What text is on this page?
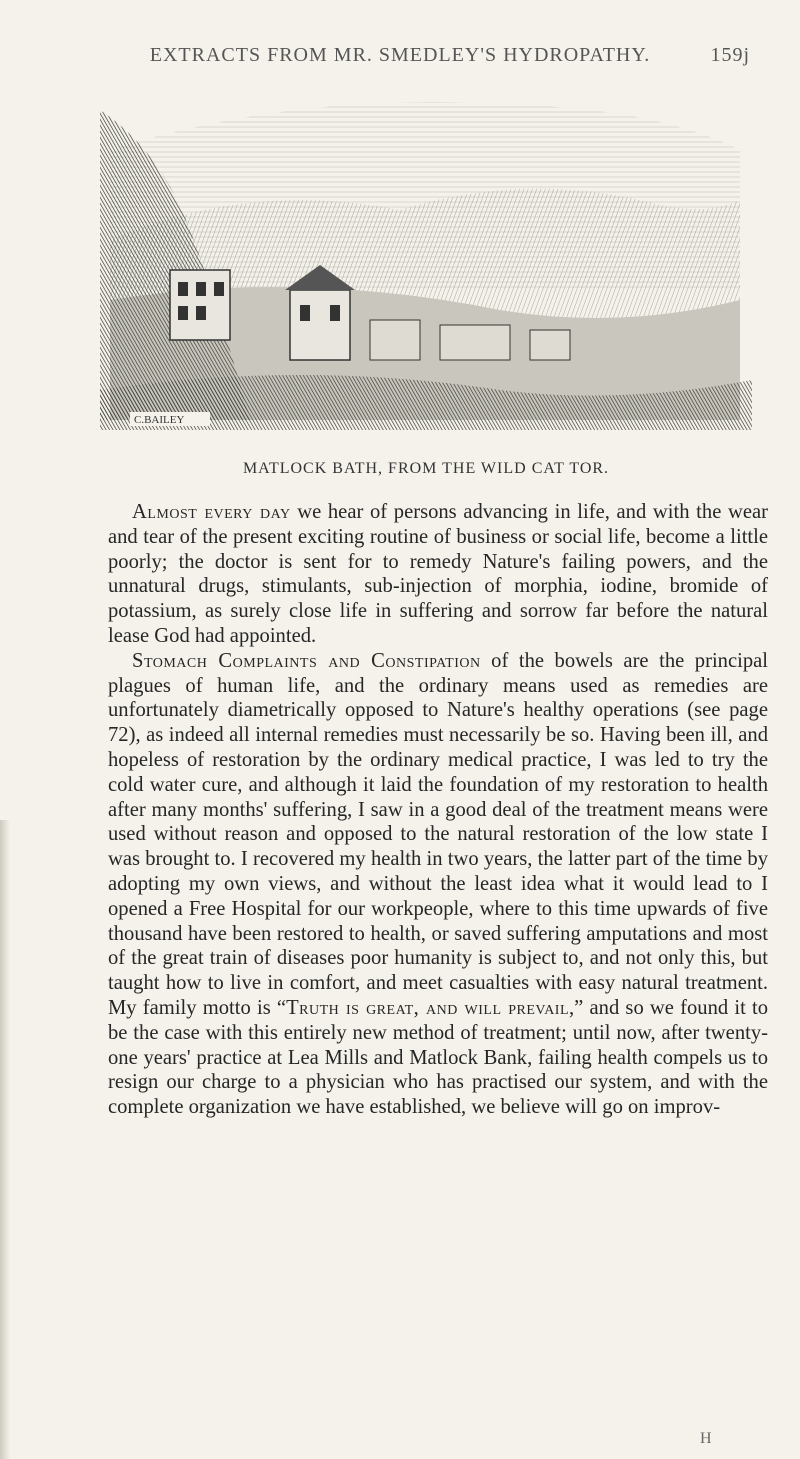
EXTRACTS FROM MR. SMEDLEY'S HYDROPATHY.	159j
C.BAILEY
MATLOCK BATH, FROM THE WILD CAT TOR.

Almost every day we hear of persons advancing in life, and with the wear and tear of the present exciting routine of business or social life, become a little poorly; the doctor is sent for to remedy Nature's failing powers, and the unnatural drugs, stimulants, sub-injection of morphia, iodine, bromide of potassium, as surely close life in suffering and sorrow far before the natural lease God had appointed.

Stomach Complaints and Constipation of the bowels are the principal plagues of human life, and the ordinary means used as remedies are unfortunately diametrically opposed to Nature's healthy operations (see page 72), as indeed all internal remedies must necessarily be so. Having been ill, and hopeless of restoration by the ordinary medical practice, I was led to try the cold water cure, and although it laid the foundation of my restoration to health after many months' suffering, I saw in a good deal of the treatment means were used without reason and opposed to the natural restoration of the low state I was brought to. I recovered my health in two years, the latter part of the time by adopting my own views, and without the least idea what it would lead to I opened a Free Hospital for our workpeople, where to this time upwards of five thousand have been restored to health, or saved suffering amputations and most of the great train of diseases poor humanity is subject to, and not only this, but taught how to live in comfort, and meet casualties with easy natural treatment. My family motto is “Truth is great, and will prevail,” and so we found it to be the case with this entirely new method of treatment; until now, after twenty-one years' practice at Lea Mills and Matlock Bank, failing health compels us to resign our charge to a physician who has practised our system, and with the complete organization we have established, we believe will go on improv-

H
